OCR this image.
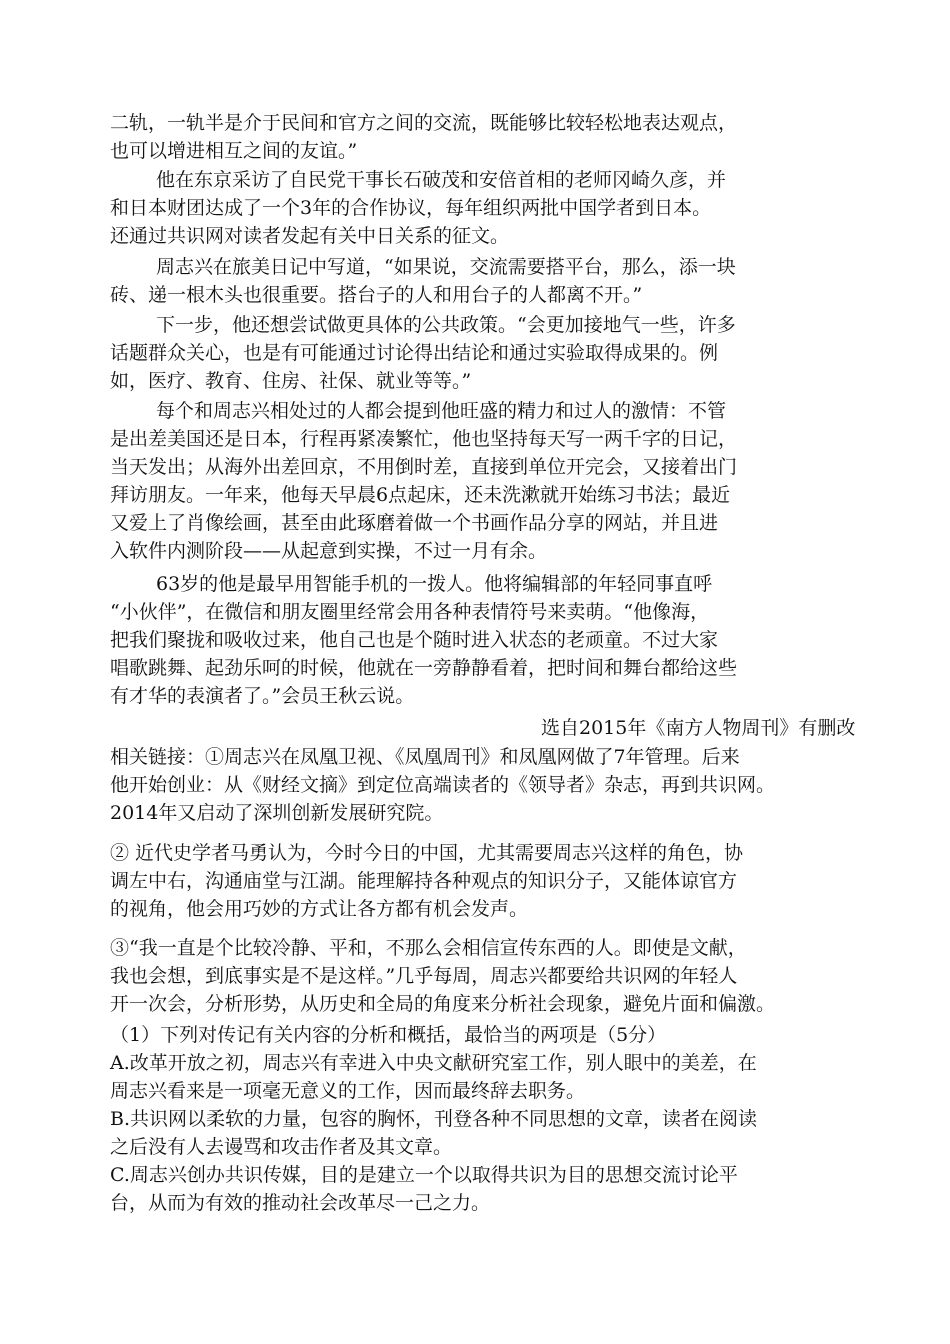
二轨，一轨半是介于民间和官方之间的交流，既能够比较轻松地表达观点，
也可以增进相互之间的友谊。”
他在东京采访了自民党干事长石破茂和安倍首相的老师冈崎久彦，并
和日本财团达成了一个3年的合作协议，每年组织两批中国学者到日本。
还通过共识网对读者发起有关中日关系的征文。
周志兴在旅美日记中写道，“如果说，交流需要搭平台，那么，添一块
砖、递一根木头也很重要。搭台子的人和用台子的人都离不开。”
下一步，他还想尝试做更具体的公共政策。“会更加接地气一些，许多
话题群众关心，也是有可能通过讨论得出结论和通过实验取得成果的。例
如，医疗、教育、住房、社保、就业等等。”
每个和周志兴相处过的人都会提到他旺盛的精力和过人的激情：不管
是出差美国还是日本，行程再紧凑繁忙，他也坚持每天写一两千字的日记，
当天发出；从海外出差回京，不用倒时差，直接到单位开完会，又接着出门
拜访朋友。一年来，他每天早晨6点起床，还未洗漱就开始练习书法；最近
又爱上了肖像绘画，甚至由此琢磨着做一个书画作品分享的网站，并且进
入软件内测阶段——从起意到实操，不过一月有余。
63岁的他是最早用智能手机的一拨人。他将编辑部的年轻同事直呼
“小伙伴”，在微信和朋友圈里经常会用各种表情符号来卖萌。“他像海，
把我们聚拢和吸收过来，他自己也是个随时进入状态的老顽童。不过大家
唱歌跳舞、起劲乐呵的时候，他就在一旁静静看着，把时间和舞台都给这些
有才华的表演者了。”会员王秋云说。
选自2015年《南方人物周刊》有删改
相关链接：①周志兴在凤凰卫视、《凤凰周刊》和凤凰网做了7年管理。后来
他开始创业：从《财经文摘》到定位高端读者的《领导者》杂志，再到共识网。
2014年又启动了深圳创新发展研究院。
② 近代史学者马勇认为，今时今日的中国，尤其需要周志兴这样的角色，协
调左中右，沟通庙堂与江湖。能理解持各种观点的知识分子，又能体谅官方
的视角，他会用巧妙的方式让各方都有机会发声。
③“我一直是个比较冷静、平和，不那么会相信宣传东西的人。即使是文献，
我也会想，到底事实是不是这样。”几乎每周，周志兴都要给共识网的年轻人
开一次会，分析形势，从历史和全局的角度来分析社会现象，避免片面和偏激。
（1）下列对传记有关内容的分析和概括，最恰当的两项是（5分）
A.改革开放之初，周志兴有幸进入中央文献研究室工作，别人眼中的美差，在
周志兴看来是一项毫无意义的工作，因而最终辞去职务。
B.共识网以柔软的力量，包容的胸怀，刊登各种不同思想的文章，读者在阅读
之后没有人去谩骂和攻击作者及其文章。
C.周志兴创办共识传媒，目的是建立一个以取得共识为目的思想交流讨论平
台，从而为有效的推动社会改革尽一己之力。
